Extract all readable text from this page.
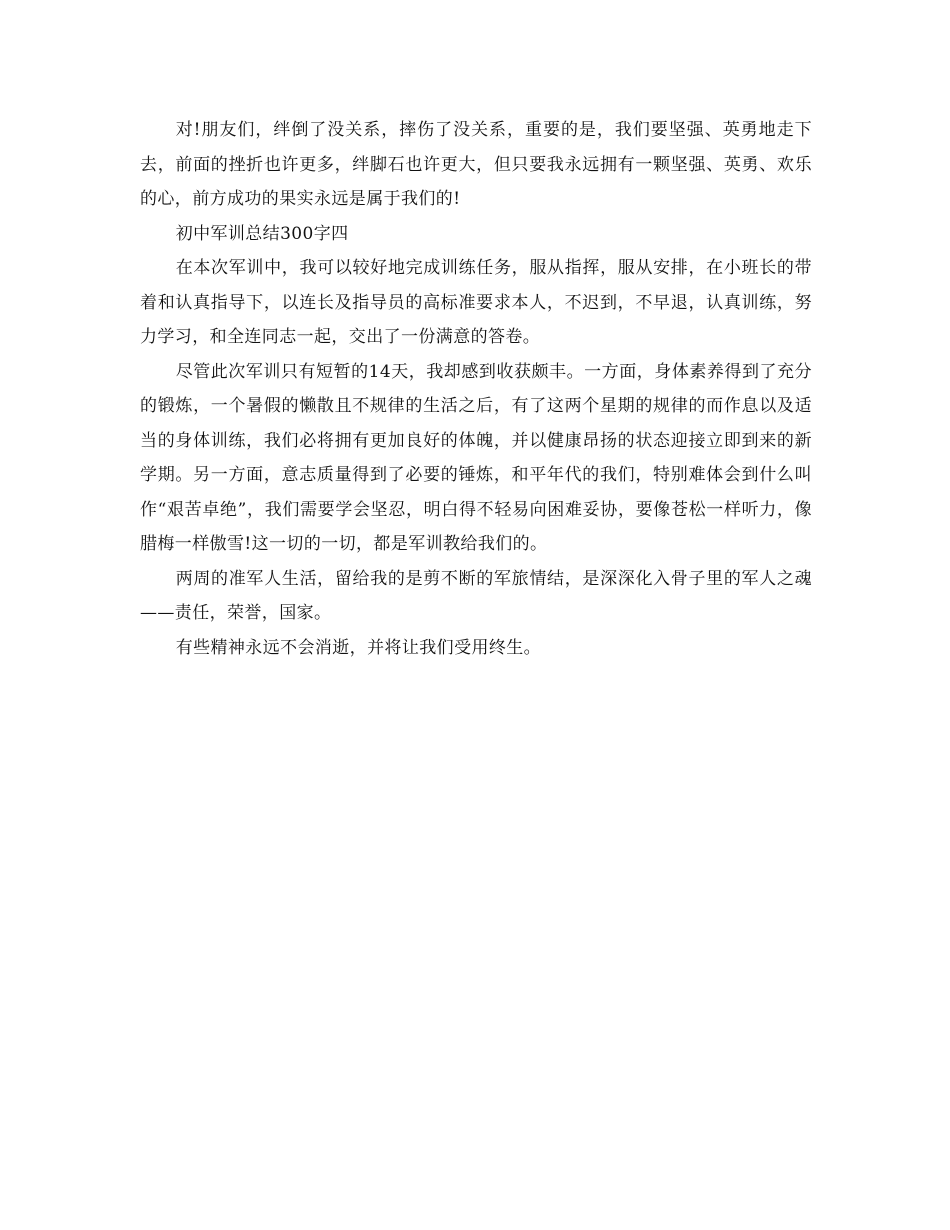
对!朋友们，绊倒了没关系，摔伤了没关系，重要的是，我们要坚强、英勇地走下去，前面的挫折也许更多，绊脚石也许更大，但只要我永远拥有一颗坚强、英勇、欢乐的心，前方成功的果实永远是属于我们的!

初中军训总结300字四

在本次军训中，我可以较好地完成训练任务，服从指挥，服从安排，在小班长的带着和认真指导下，以连长及指导员的高标准要求本人，不迟到，不早退，认真训练，努力学习，和全连同志一起，交出了一份满意的答卷。

尽管此次军训只有短暂的14天，我却感到收获颇丰。一方面，身体素养得到了充分的锻炼，一个暑假的懒散且不规律的生活之后，有了这两个星期的规律的而作息以及适当的身体训练，我们必将拥有更加良好的体魄，并以健康昂扬的状态迎接立即到来的新学期。另一方面，意志质量得到了必要的锤炼，和平年代的我们，特别难体会到什么叫作“艰苦卓绝”，我们需要学会坚忍，明白得不轻易向困难妥协，要像苍松一样听力，像腊梅一样傲雪!这一切的一切，都是军训教给我们的。

两周的准军人生活，留给我的是剪不断的军旅情结，是深深化入骨子里的军人之魂——责任，荣誉，国家。

有些精神永远不会消逝，并将让我们受用终生。
